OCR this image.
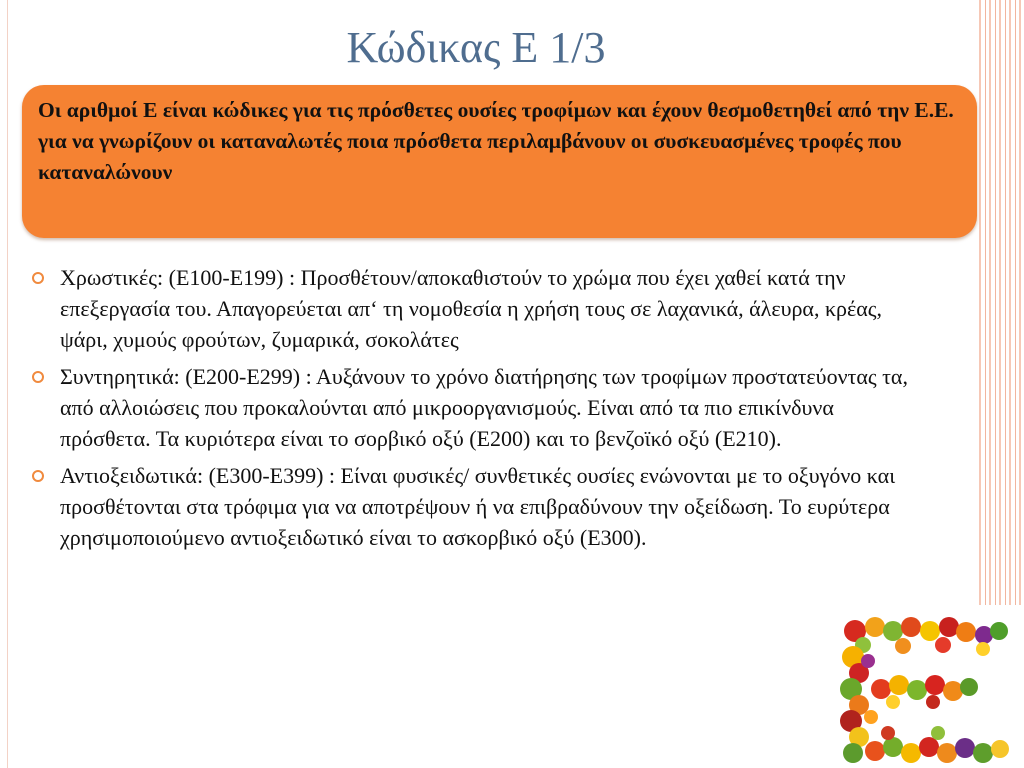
Κώδικας Ε 1/3
Οι αριθμοί Ε είναι κώδικες για τις πρόσθετες ουσίες τροφίμων και έχουν θεσμοθετηθεί από την Ε.Ε. για να γνωρίζουν οι καταναλωτές ποια πρόσθετα περιλαμβάνουν οι συσκευασμένες τροφές που καταναλώνουν
Χρωστικές: (Ε100-Ε199) : Προσθέτουν/αποκαθιστούν το χρώμα που έχει χαθεί κατά την επεξεργασία του. Απαγορεύεται απ‘ τη νομοθεσία η χρήση τους σε λαχανικά, άλευρα, κρέας, ψάρι, χυμούς φρούτων, ζυμαρικά, σοκολάτες
Συντηρητικά: (Ε200-Ε299) : Αυξάνουν το χρόνο διατήρησης των τροφίμων προστατεύοντας τα, από αλλοιώσεις που προκαλούνται από μικροοργανισμούς. Είναι από τα πιο επικίνδυνα πρόσθετα. Τα κυριότερα είναι το σορβικό οξύ (Ε200) και το βενζοϊκό οξύ (Ε210).
Αντιοξειδωτικά: (Ε300-Ε399) : Είναι φυσικές/ συνθετικές ουσίες ενώνονται με το οξυγόνο και προσθέτονται στα τρόφιμα για να αποτρέψουν ή να επιβραδύνουν την οξείδωση. Το ευρύτερα χρησιμοποιούμενο αντιοξειδωτικό είναι το ασκορβικό οξύ (Ε300).
